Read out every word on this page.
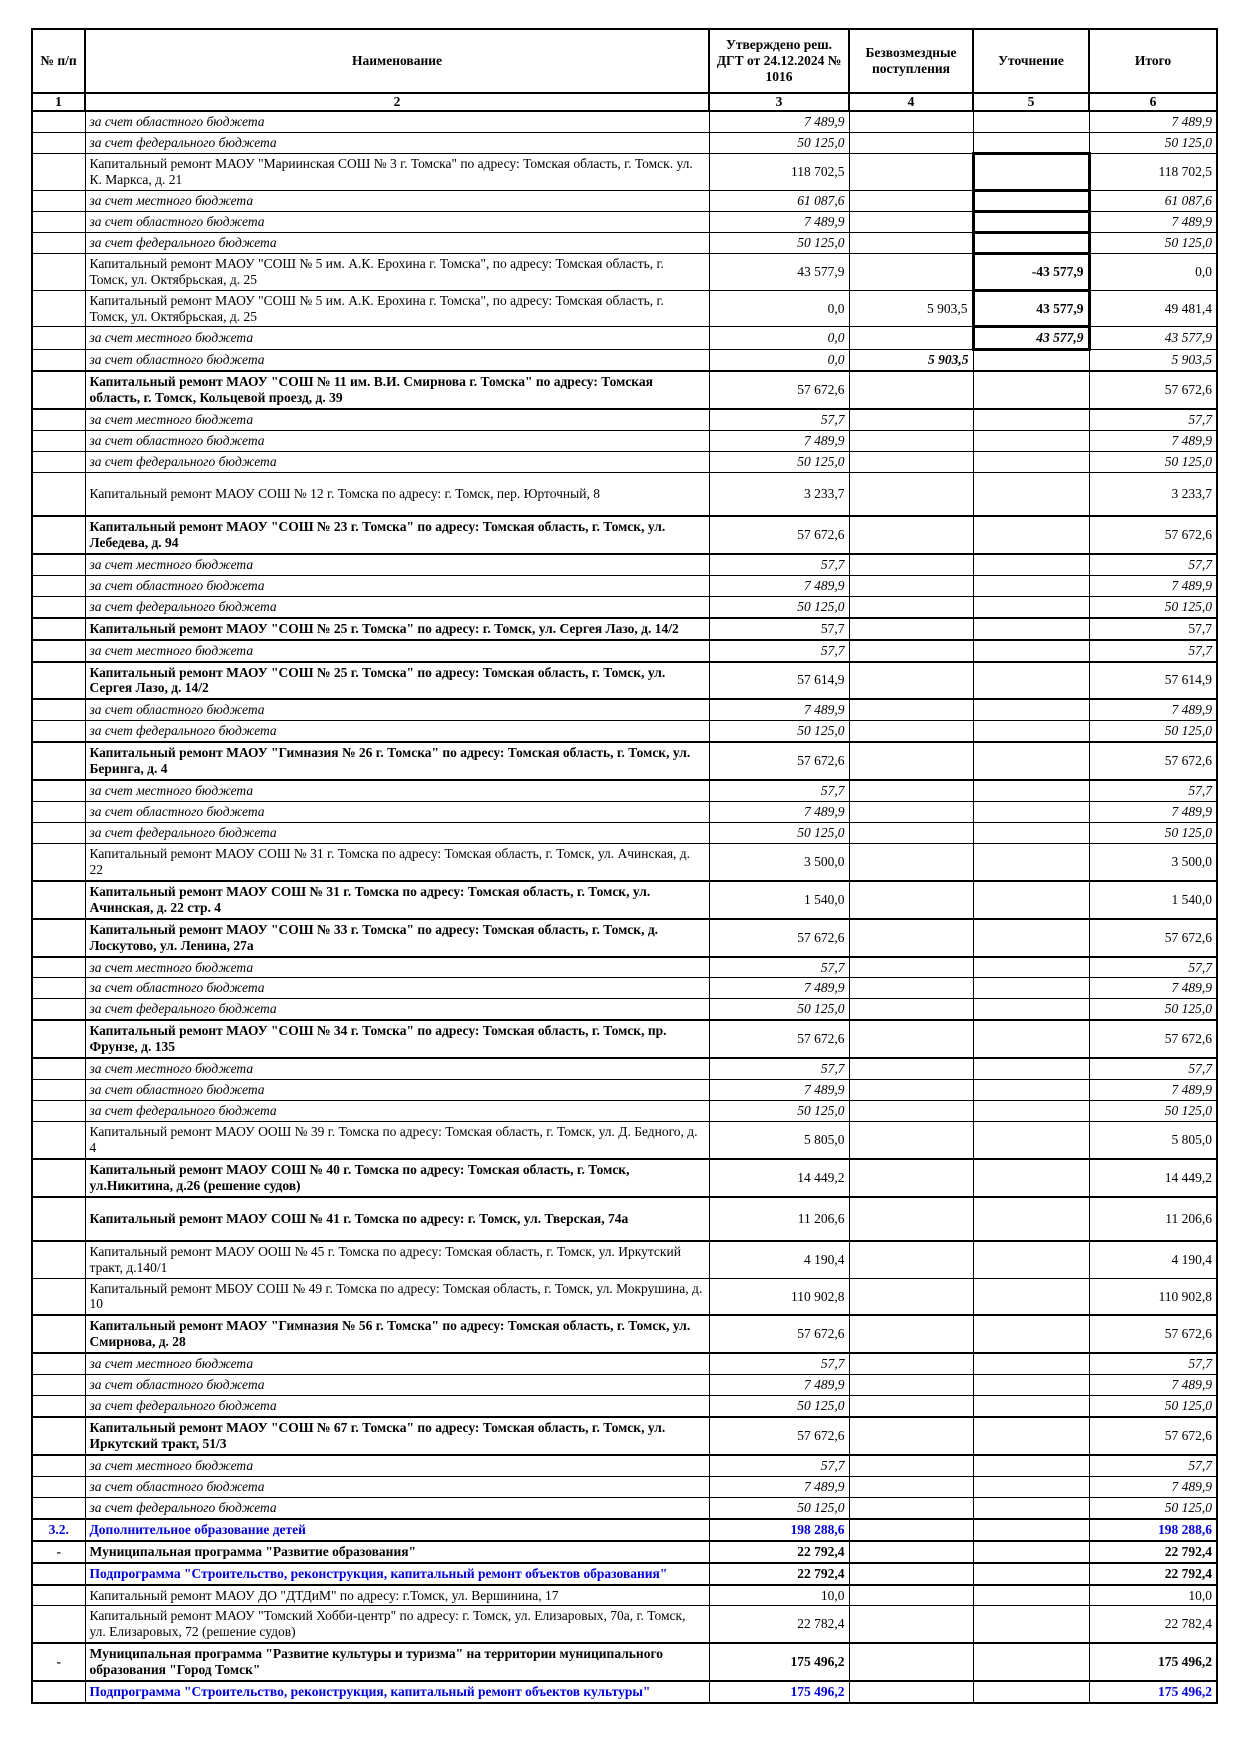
№ п/п	Наименование	Утверждено реш. ДГТ от 24.12.2024 № 1016	Безвозмездные поступления	Уточнение	Итого
1	2	3	4	5	6
	за счет областного бюджета	7 489,9			7 489,9
	за счет федерального бюджета	50 125,0			50 125,0
	Капитальный ремонт МАОУ "Мариинская СОШ № 3 г. Томска" по адресу: Томская область, г. Томск. ул. К. Маркса, д. 21	118 702,5			118 702,5
	за счет местного бюджета	61 087,6			61 087,6
	за счет областного бюджета	7 489,9			7 489,9
	за счет федерального бюджета	50 125,0			50 125,0
	Капитальный ремонт МАОУ "СОШ № 5 им. А.К. Ерохина г. Томска", по адресу: Томская область, г. Томск, ул. Октябрьская, д. 25	43 577,9		-43 577,9	0,0
	Капитальный ремонт МАОУ "СОШ № 5 им. А.К. Ерохина г. Томска", по адресу: Томская область, г. Томск, ул. Октябрьская, д. 25	0,0	5 903,5	43 577,9	49 481,4
	за счет местного бюджета	0,0		43 577,9	43 577,9
	за счет областного бюджета	0,0	5 903,5		5 903,5
	Капитальный ремонт МАОУ "СОШ № 11 им. В.И. Смирнова г. Томска" по адресу: Томская область, г. Томск, Кольцевой проезд, д. 39	57 672,6			57 672,6
	за счет местного бюджета	57,7			57,7
	за счет областного бюджета	7 489,9			7 489,9
	за счет федерального бюджета	50 125,0			50 125,0
	Капитальный ремонт МАОУ СОШ № 12 г. Томска по адресу: г. Томск, пер. Юрточный, 8	3 233,7			3 233,7
	Капитальный ремонт МАОУ "СОШ № 23 г. Томска" по адресу: Томская область, г. Томск, ул. Лебедева, д. 94	57 672,6			57 672,6
	за счет местного бюджета	57,7			57,7
	за счет областного бюджета	7 489,9			7 489,9
	за счет федерального бюджета	50 125,0			50 125,0
	Капитальный ремонт МАОУ "СОШ № 25 г. Томска" по адресу: г. Томск, ул. Сергея Лазо, д. 14/2	57,7			57,7
	за счет местного бюджета	57,7			57,7
	Капитальный ремонт МАОУ "СОШ № 25 г. Томска" по адресу: Томская область, г. Томск, ул. Сергея Лазо, д. 14/2	57 614,9			57 614,9
	за счет областного бюджета	7 489,9			7 489,9
	за счет федерального бюджета	50 125,0			50 125,0
	Капитальный ремонт МАОУ "Гимназия № 26 г. Томска" по адресу: Томская область, г. Томск, ул. Беринга, д. 4	57 672,6			57 672,6
	за счет местного бюджета	57,7			57,7
	за счет областного бюджета	7 489,9			7 489,9
	за счет федерального бюджета	50 125,0			50 125,0
	Капитальный ремонт МАОУ СОШ № 31 г. Томска по адресу: Томская область, г. Томск, ул. Ачинская, д. 22	3 500,0			3 500,0
	Капитальный ремонт МАОУ СОШ № 31 г. Томска по адресу: Томская область, г. Томск, ул. Ачинская, д. 22 стр. 4	1 540,0			1 540,0
	Капитальный ремонт МАОУ "СОШ № 33 г. Томска" по адресу: Томская область, г. Томск, д. Лоскутово, ул. Ленина, 27а	57 672,6			57 672,6
	за счет местного бюджета	57,7			57,7
	за счет областного бюджета	7 489,9			7 489,9
	за счет федерального бюджета	50 125,0			50 125,0
	Капитальный ремонт МАОУ "СОШ № 34 г. Томска" по адресу: Томская область, г. Томск, пр. Фрунзе, д. 135	57 672,6			57 672,6
	за счет местного бюджета	57,7			57,7
	за счет областного бюджета	7 489,9			7 489,9
	за счет федерального бюджета	50 125,0			50 125,0
	Капитальный ремонт МАОУ ООШ № 39 г. Томска по адресу: Томская область, г. Томск, ул. Д. Бедного, д. 4	5 805,0			5 805,0
	Капитальный ремонт МАОУ СОШ № 40 г. Томска по адресу: Томская область, г. Томск, ул.Никитина, д.26 (решение судов)	14 449,2			14 449,2
	Капитальный ремонт МАОУ СОШ № 41 г. Томска по адресу: г. Томск, ул. Тверская, 74а	11 206,6			11 206,6
	Капитальный ремонт МАОУ ООШ № 45 г. Томска по адресу: Томская область, г. Томск, ул. Иркутский тракт, д.140/1	4 190,4			4 190,4
	Капитальный ремонт МБОУ СОШ № 49 г. Томска по адресу: Томская область, г. Томск, ул. Мокрушина, д. 10	110 902,8			110 902,8
	Капитальный ремонт МАОУ "Гимназия № 56 г. Томска" по адресу: Томская область, г. Томск, ул. Смирнова, д. 28	57 672,6			57 672,6
	за счет местного бюджета	57,7			57,7
	за счет областного бюджета	7 489,9			7 489,9
	за счет федерального бюджета	50 125,0			50 125,0
	Капитальный ремонт МАОУ "СОШ № 67 г. Томска" по адресу: Томская область, г. Томск, ул. Иркутский тракт, 51/3	57 672,6			57 672,6
	за счет местного бюджета	57,7			57,7
	за счет областного бюджета	7 489,9			7 489,9
	за счет федерального бюджета	50 125,0			50 125,0
3.2.	Дополнительное образование детей	198 288,6			198 288,6
-	Муниципальная программа "Развитие образования"	22 792,4			22 792,4
	Подпрограмма "Строительство, реконструкция, капитальный ремонт объектов образования"	22 792,4			22 792,4
	Капитальный ремонт МАОУ ДО "ДТДиМ" по адресу: г.Томск, ул. Вершинина, 17	10,0			10,0
	Капитальный ремонт МАОУ "Томский Хобби-центр" по адресу: г. Томск, ул. Елизаровых, 70а, г. Томск, ул. Елизаровых, 72 (решение судов)	22 782,4			22 782,4
-	Муниципальная программа "Развитие культуры и туризма" на территории муниципального образования "Город Томск"	175 496,2			175 496,2
	Подпрограмма "Строительство, реконструкция, капитальный ремонт объектов культуры"	175 496,2			175 496,2
